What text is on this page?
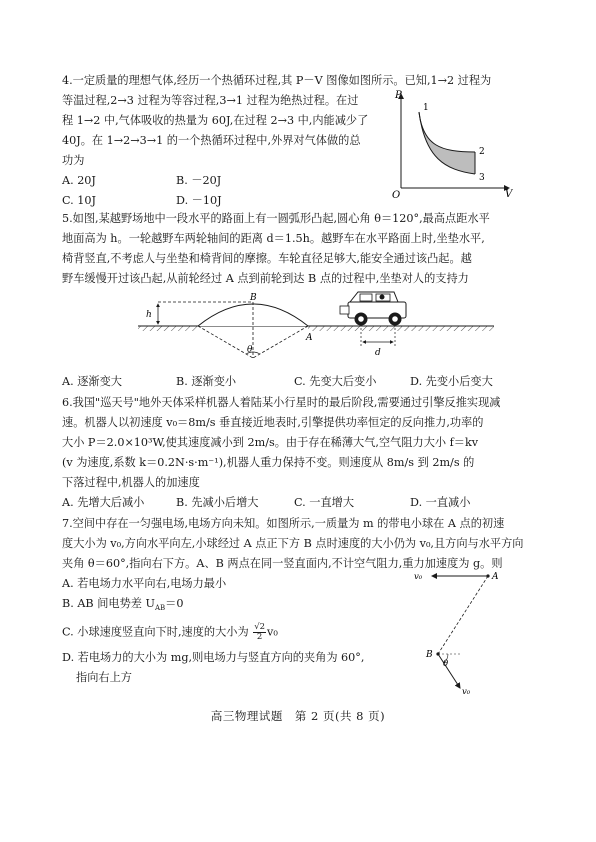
4.一定质量的理想气体,经历一个热循环过程,其 P－V 图像如图所示。已知,1→2 过程为
等温过程,2→3 过程为等容过程,3→1 过程为绝热过程。在过
程 1→2 中,气体吸收的热量为 60J,在过程 2→3 中,内能减少了
40J。在 1→2→3→1 的一个热循环过程中,外界对气体做的总
功为
A. 20J	B. －20J
C. 10J	D. －10J
P
V
O
1
2
3
5.如图,某越野场地中一段水平的路面上有一圆弧形凸起,圆心角 θ＝120°,最高点距水平
地面高为 h。一轮越野车两轮轴间的距离 d＝1.5h。越野车在水平路面上时,坐垫水平,
椅背竖直,不考虑人与坐垫和椅背间的摩擦。车轮直径足够大,能安全通过该凸起。越
野车缓慢开过该凸起,从前轮经过 A 点到前轮到达 B 点的过程中,坐垫对人的支持力
A. 逐渐变大	B. 逐渐变小	C. 先变大后变小	D. 先变小后变大
θ
B
A
h
d
6.我国"巡天号"地外天体采样机器人着陆某小行星时的最后阶段,需要通过引擎反推实现减
速。机器人以初速度 v₀＝8m/s 垂直接近地表时,引擎提供功率恒定的反向推力,功率的
大小 P＝2.0×10³W,使其速度减小到 2m/s。由于存在稀薄大气,空气阻力大小 f＝kv
(v 为速度,系数 k＝0.2N·s·m⁻¹),机器人重力保持不变。则速度从 8m/s 到 2m/s 的
下落过程中,机器人的加速度
A. 先增大后减小	B. 先减小后增大	C. 一直增大	D. 一直减小
7.空间中存在一匀强电场,电场方向未知。如图所示,一质量为 m 的带电小球在 A 点的初速
度大小为 v₀,方向水平向左,小球经过 A 点正下方 B 点时速度的大小仍为 v₀,且方向与水平方向
夹角 θ＝60°,指向右下方。A、B 两点在同一竖直面内,不计空气阻力,重力加速度为 g。则
A. 若电场力水平向右,电场力最小
B. AB 间电势差 $U_{AB}=0$
C. 小球速度竖直向下时,速度的大小为 $\frac{√2}{2} v_0$
D. 若电场力的大小为 mg,则电场力与竖直方向的夹角为 60°,
指向右上方
v₀	A
B
θ
v₀
高三物理试题　第 2 页(共 8 页)
